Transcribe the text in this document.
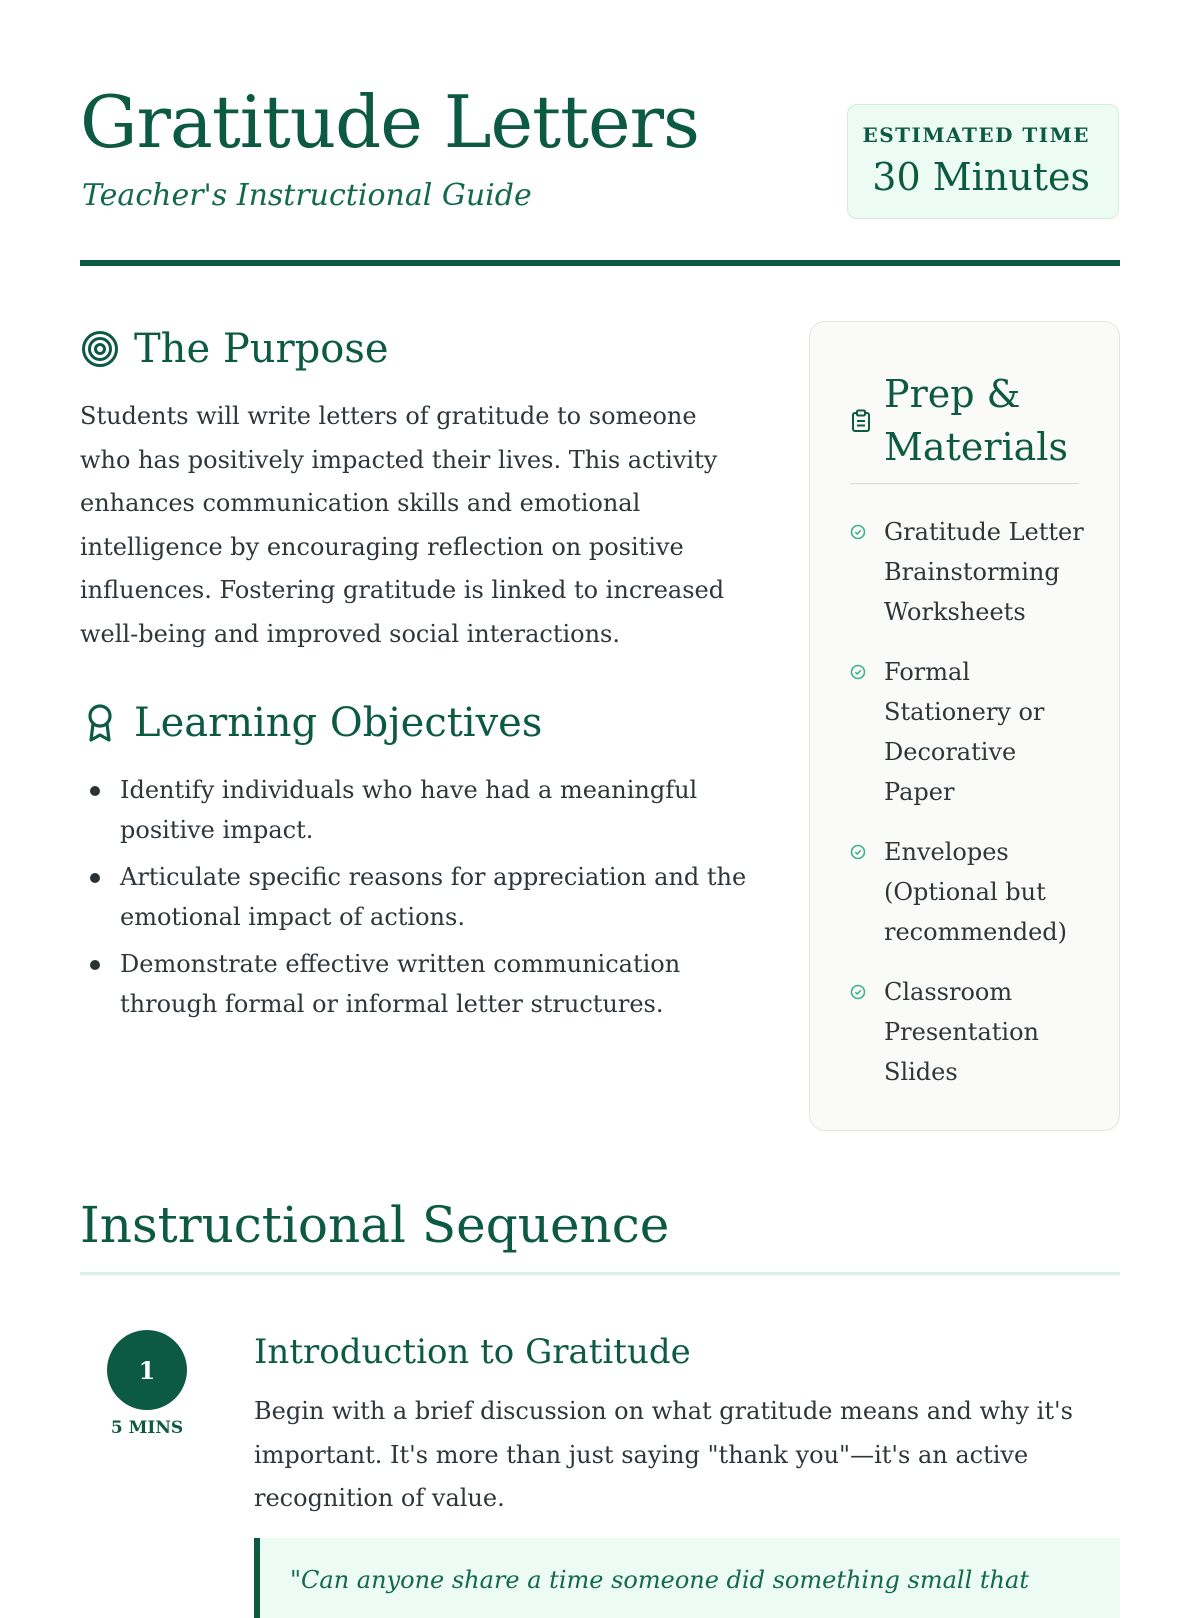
Gratitude Letters
Teacher's Instructional Guide
ESTIMATED TIME
30 Minutes
The Purpose

Students will write letters of gratitude to someone who has positively impacted their lives. This activity enhances communication skills and emotional intelligence by encouraging reflection on positive influences. Fostering gratitude is linked to increased well-being and improved social interactions.

Learning Objectives
Identify individuals who have had a meaningful positive impact.
Articulate specific reasons for appreciation and the emotional impact of actions.
Demonstrate effective written communication through formal or informal letter structures.
Prep & Materials
Gratitude Letter Brainstorming Worksheets
Formal Stationery or Decorative Paper
Envelopes (Optional but recommended)
Classroom Presentation Slides
Instructional Sequence
1
5 MINS
Introduction to Gratitude

Begin with a brief discussion on what gratitude means and why it's important. It's more than just saying "thank you"—it's an active recognition of value.

"Can anyone share a time someone did something small that
